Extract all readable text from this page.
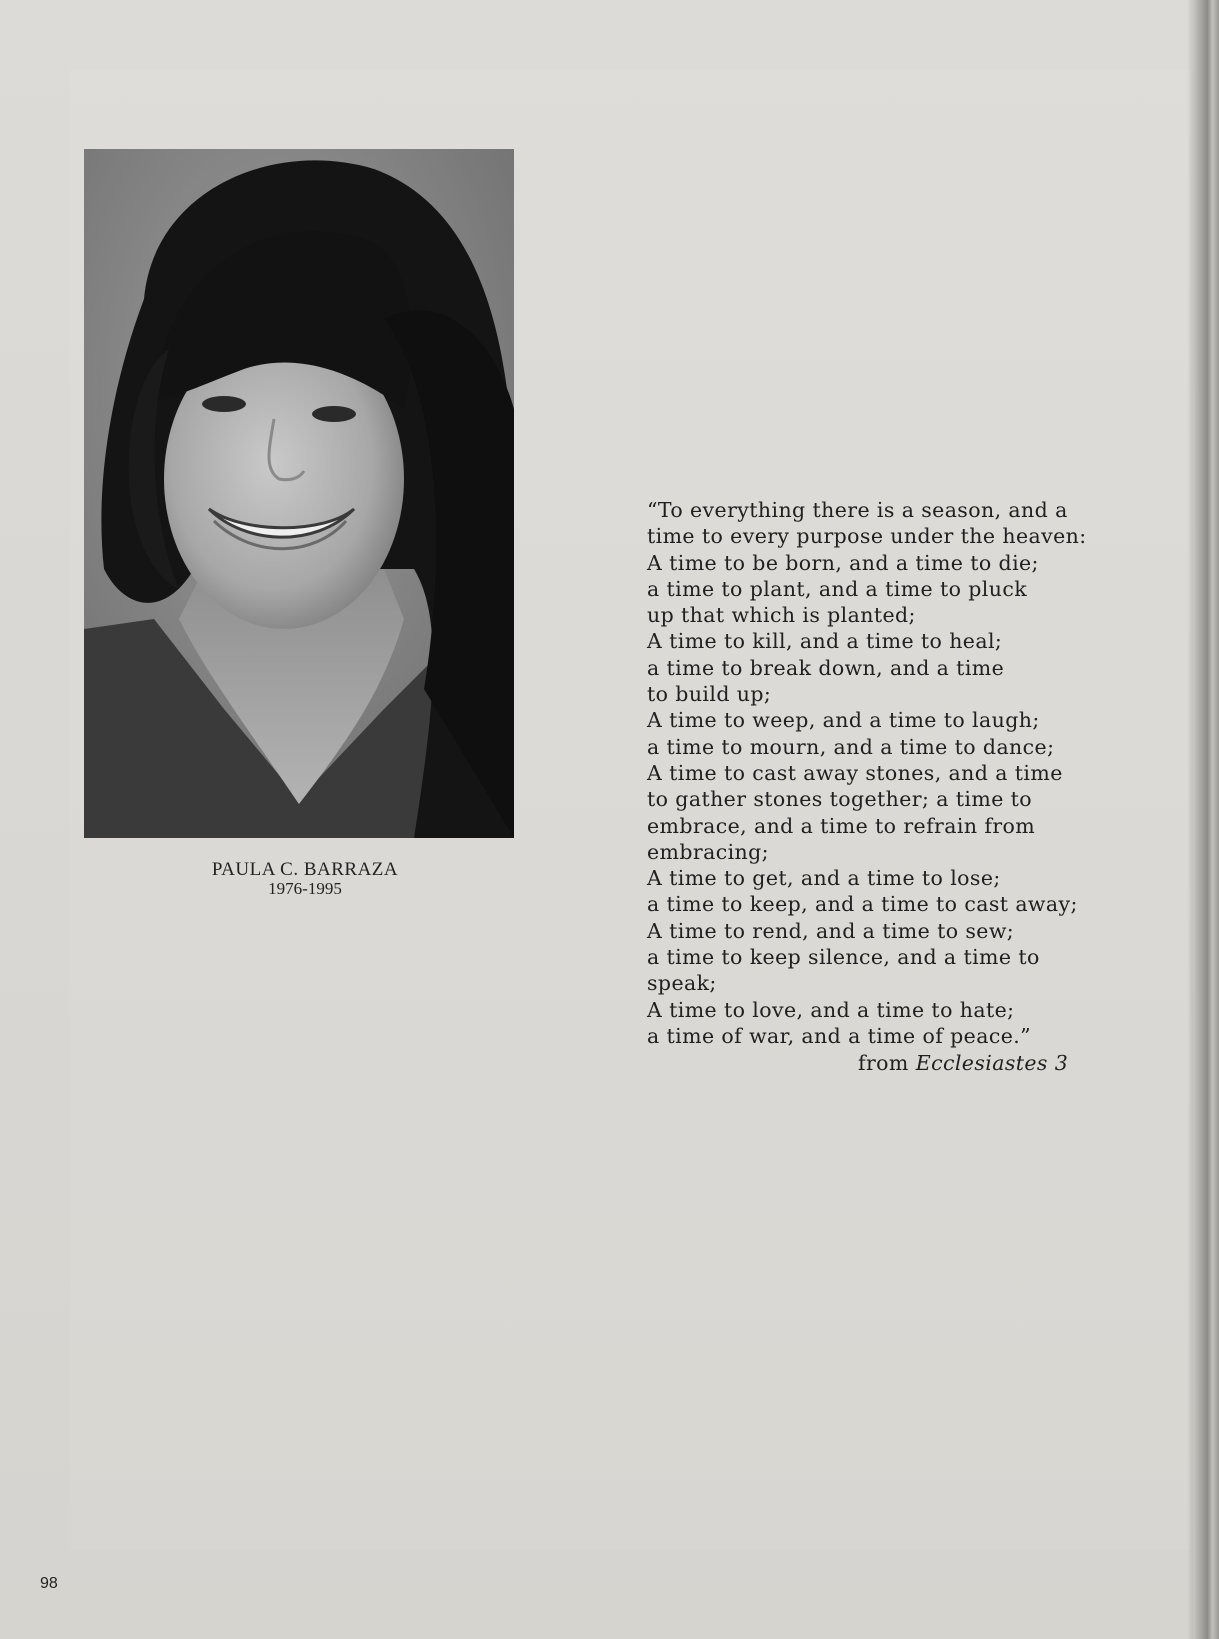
PAULA C. BARRAZA
1976-1995
“To everything there is a season, and a
time to every purpose under the heaven:
A time to be born, and a time to die;
a time to plant, and a time to pluck
up that which is planted;
A time to kill, and a time to heal;
a time to break down, and a time
to build up;
A time to weep, and a time to laugh;
a time to mourn, and a time to dance;
A time to cast away stones, and a time
to gather stones together; a time to
embrace, and a time to refrain from
embracing;
A time to get, and a time to lose;
a time to keep, and a time to cast away;
A time to rend, and a time to sew;
a time to keep silence, and a time to
speak;
A time to love, and a time to hate;
a time of war, and a time of peace.”
from Ecclesiastes 3
98
